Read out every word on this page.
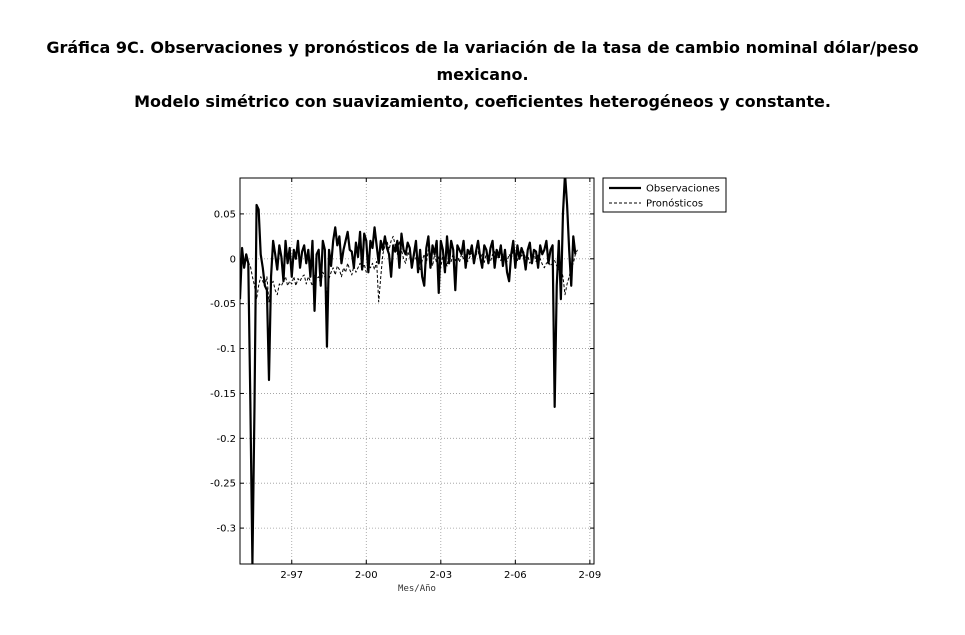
Gráfica 9C. Observaciones y pronósticos de la variación de la tasa de cambio nominal dólar/peso

mexicano.

Modelo simétrico con suavizamiento, coeficientes heterogéneos y constante.

0.05
0
-0.05
-0.1
-0.15
-0.2
-0.25
-0.3
2-97	2-00	2-03	2-06	2-09
Mes/Año
Observaciones
Pronósticos
